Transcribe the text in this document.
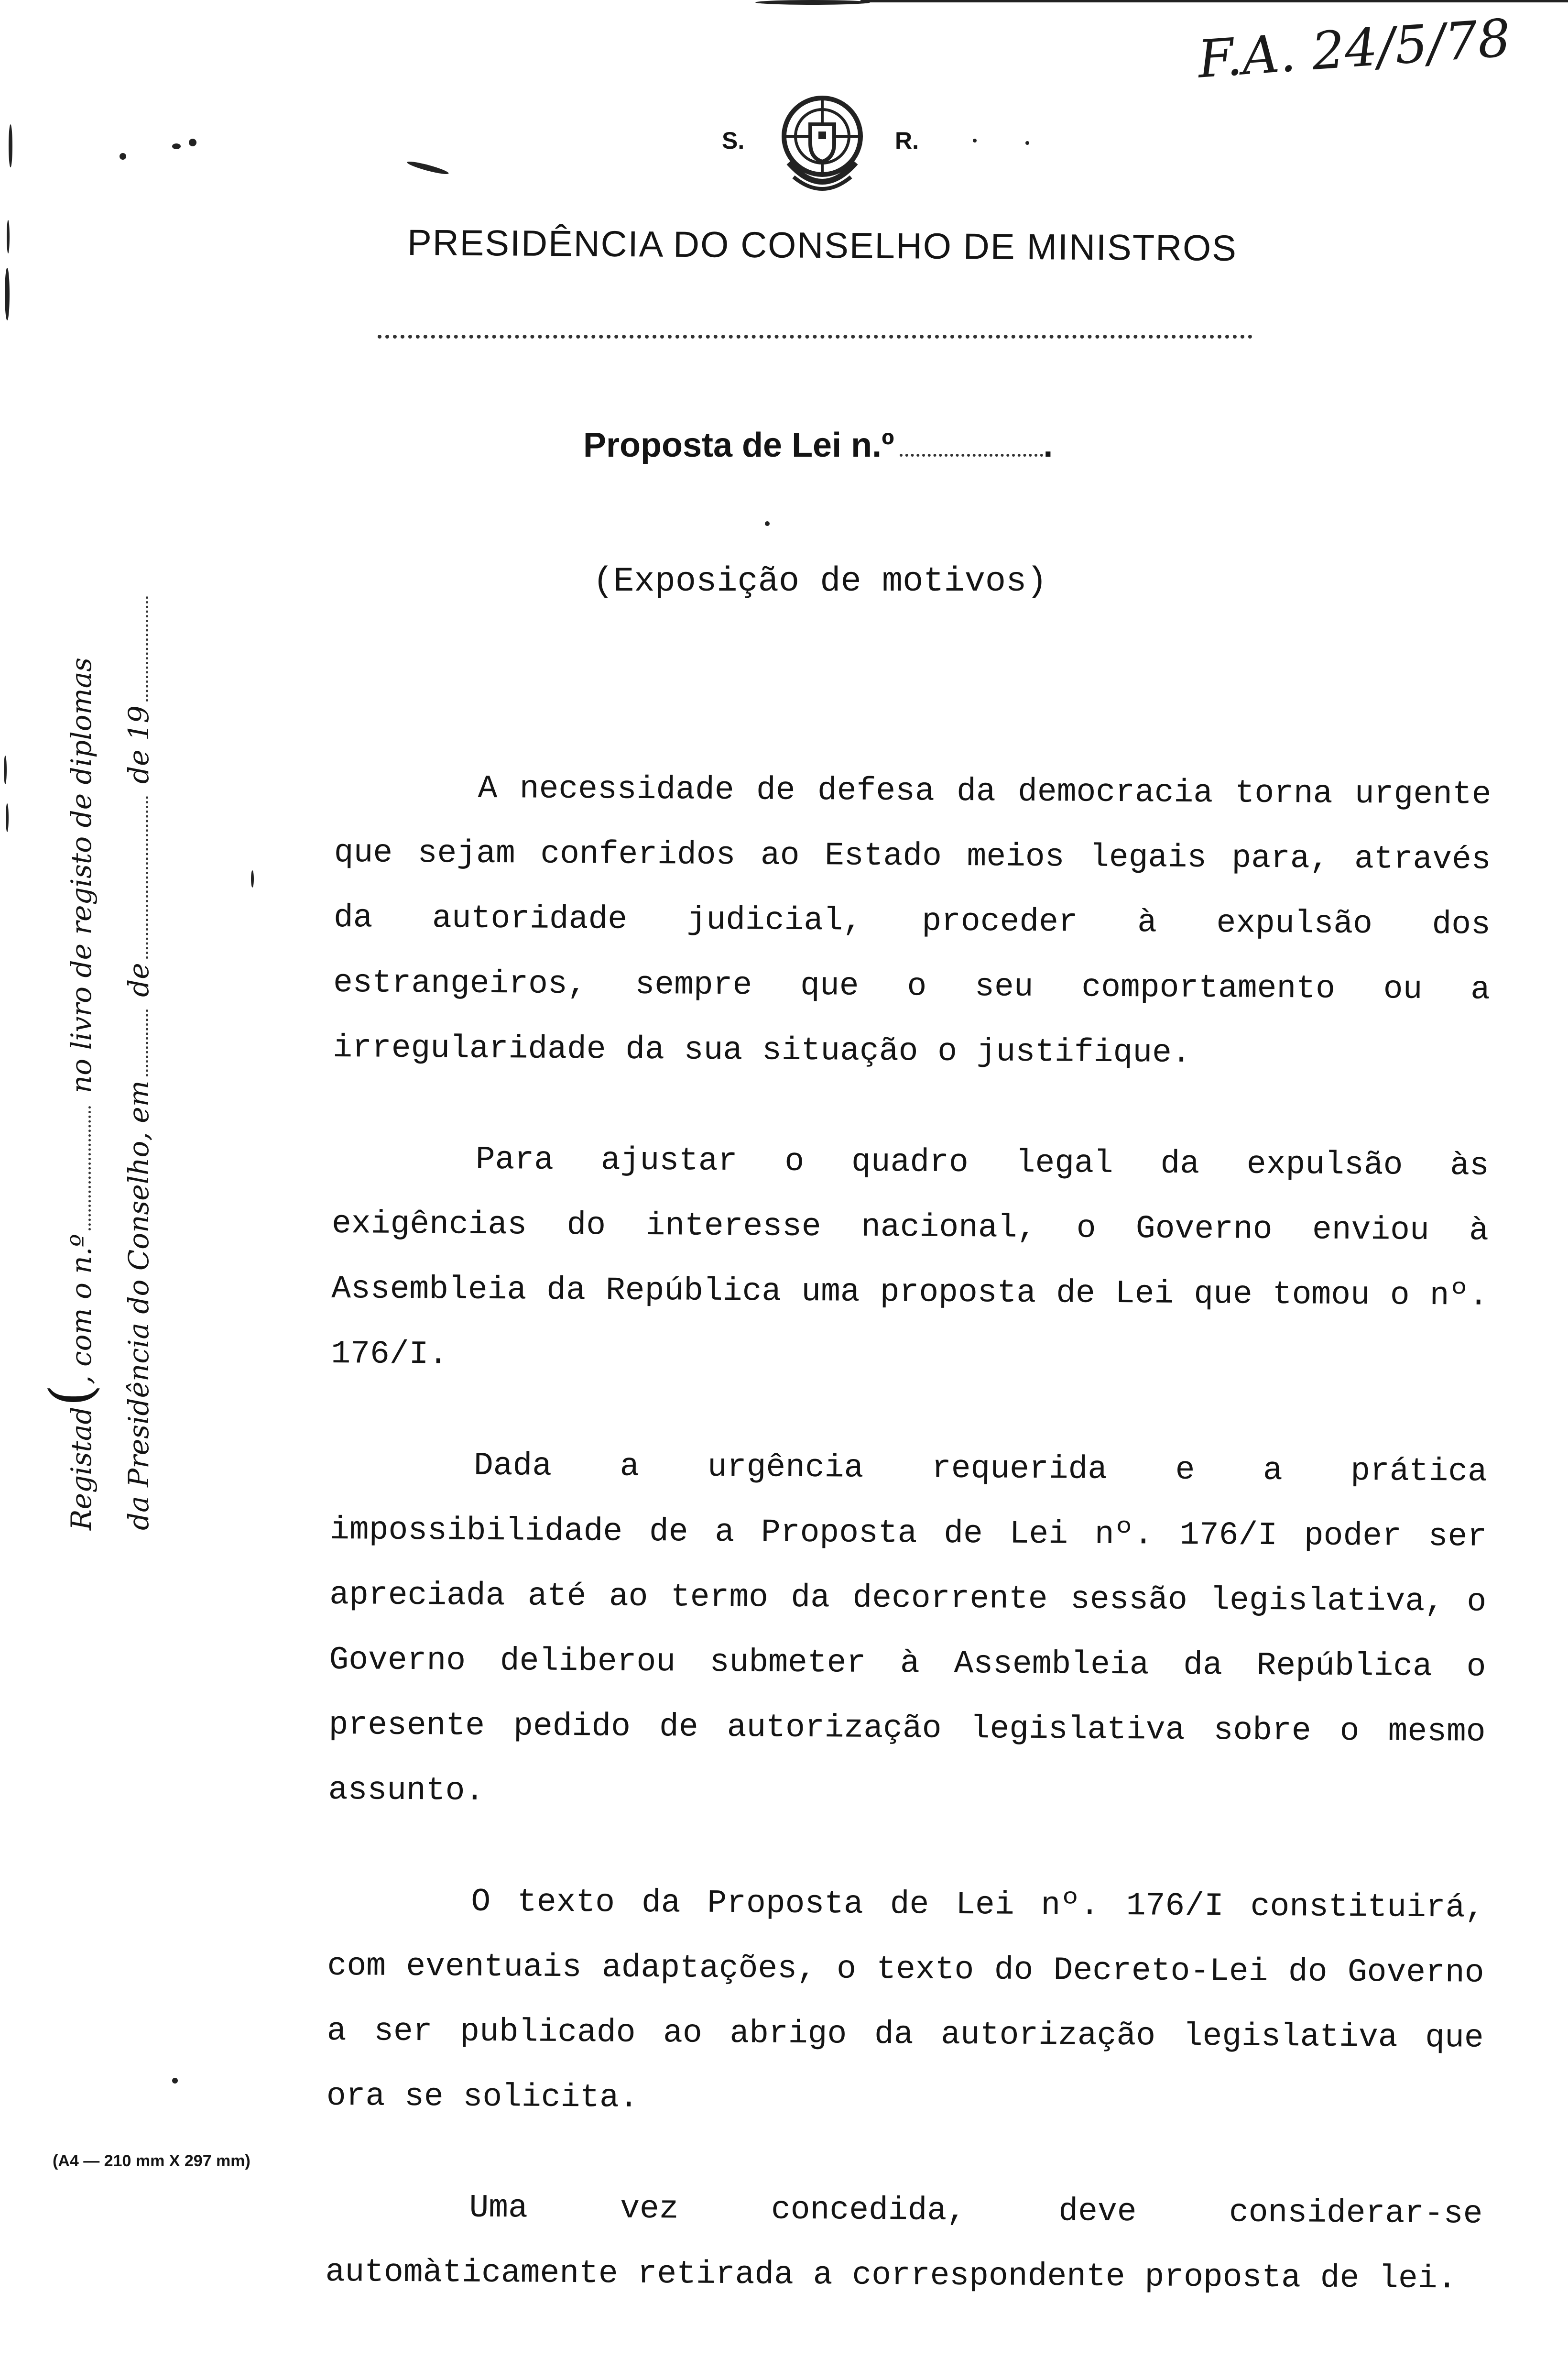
F.A. 24/5/78
S.	R.
PRESIDÊNCIA DO CONSELHO DE MINISTROS
Proposta de Lei n.º	.
(Exposição de motivos)

A necessidade de defesa da democracia torna urgente que sejam conferidos ao Estado meios legais para, através da autoridade judicial, proceder à expulsão dos estrangeiros, sempre que o seu comportamento ou a irregularidade da sua situação o justifique.

Para ajustar o quadro legal da expulsão às exigências do interesse nacional, o Governo enviou à Assembleia da República uma proposta de Lei que tomou o nº. 176/I.

Dada a urgência requerida e a prática impossibilidade de a Proposta de Lei nº. 176/I poder ser apreciada até ao termo da decorrente sessão legislativa, o Governo deliberou submeter à Assembleia da República o presente pedido de autorização legislativa sobre o mesmo assunto.

O texto da Proposta de Lei nº. 176/I constituirá, com eventuais adaptações, o texto do Decreto-Lei do Governo a ser publicado ao abrigo da autorização legislativa que ora se solicita.

Uma vez concedida, deve considerar-se automàticamente retirada a correspondente proposta de lei.

Registad(, com o n.º no livro de registo de diplomas
da Presidência do Conselho, em de de 19
(A4 — 210 mm X 297 mm)
